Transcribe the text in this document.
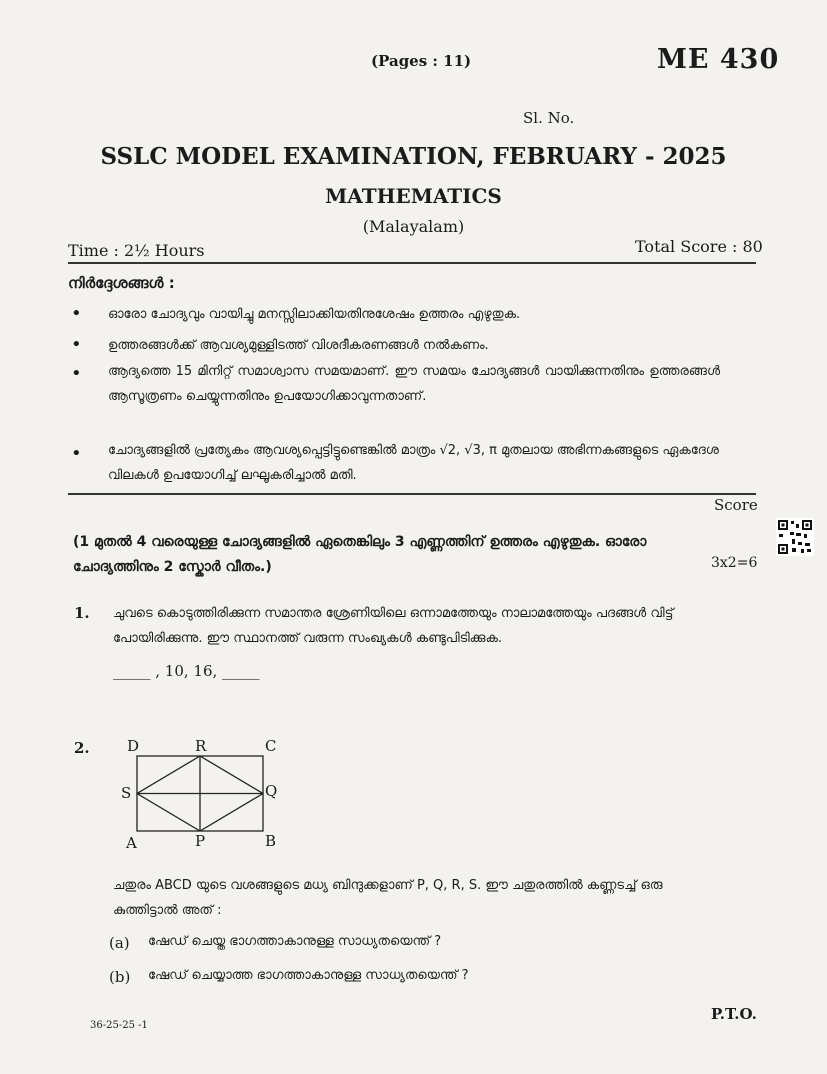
(Pages : 11)	ME 430
Sl. No.
SSLC MODEL EXAMINATION, FEBRUARY - 2025
MATHEMATICS
(Malayalam)
Time : 2½ Hours	Total Score : 80
നിർദ്ദേശങ്ങൾ :
• ഓരോ ചോദ്യവും വായിച്ചു മനസ്സിലാക്കിയതിനുശേഷം ഉത്തരം എഴുതുക.
• ഉത്തരങ്ങൾക്ക് ആവശ്യമുള്ളിടത്ത് വിശദീകരണങ്ങൾ നൽകണം.
• ആദ്യത്തെ 15 മിനിറ്റ് സമാശ്വാസ സമയമാണ്. ഈ സമയം ചോദ്യങ്ങൾ വായിക്കുന്നതിനും ഉത്തരങ്ങൾ ആസൂത്രണം ചെയ്യുന്നതിനും ഉപയോഗിക്കാവുന്നതാണ്.
• ചോദ്യങ്ങളിൽ പ്രത്യേകം ആവശ്യപ്പെട്ടിട്ടുണ്ടെങ്കിൽ മാത്രം √2, √3, π മുതലായ അഭിന്നകങ്ങളുടെ ഏകദേശ വിലകൾ ഉപയോഗിച്ച് ലഘൂകരിച്ചാൽ മതി.
Score
(1 മുതൽ 4 വരെയുള്ള ചോദ്യങ്ങളിൽ ഏതെങ്കിലും 3 എണ്ണത്തിന് ഉത്തരം എഴുതുക. ഓരോ ചോദ്യത്തിനും 2 സ്കോർ വീതം.)	3x2=6
1. ചുവടെ കൊടുത്തിരിക്കുന്ന സമാന്തര ശ്രേണിയിലെ ഒന്നാമത്തേയും നാലാമത്തേയും പദങ്ങൾ വിട്ട് പോയിരിക്കുന്നു. ഈ സ്ഥാനത്ത് വരുന്ന സംഖ്യകൾ കണ്ടുപിടിക്കുക.
_____ , 10, 16, _____
2. D	R	C
S	Q
A	P	B
ചതുരം ABCD യുടെ വശങ്ങളുടെ മധ്യ ബിന്ദുക്കളാണ് P, Q, R, S. ഈ ചതുരത്തിൽ കണ്ണടച്ച് ഒരു കുത്തിട്ടാൽ അത് :
(a) ഷേഡ് ചെയ്ത ഭാഗത്താകാനുള്ള സാധ്യതയെന്ത് ?
(b) ഷേഡ് ചെയ്യാത്ത ഭാഗത്താകാനുള്ള സാധ്യതയെന്ത് ?
36-25-25 -1
P.T.O.
